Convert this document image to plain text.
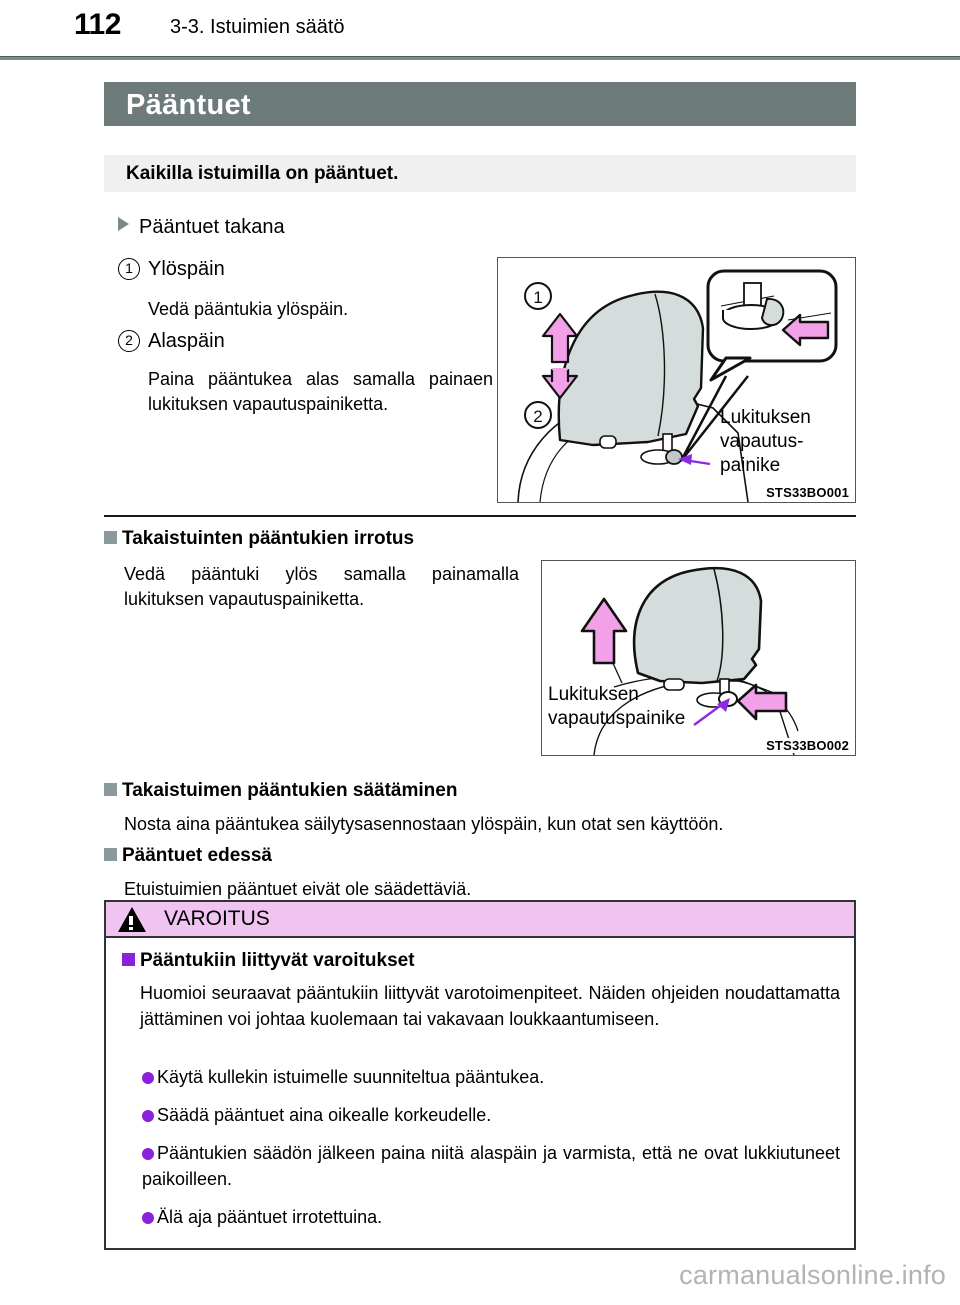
112 3-3. Istuimien säätö
Pääntuet
Kaikilla istuimilla on pääntuet.
Pääntuet takana
1 Ylöspäin
Vedä pääntukia ylöspäin.
2 Alaspäin
Paina pääntukea alas samalla painaen lukituksen vapautuspainiketta.
1
2	Lukituksen
vapautus-
painike
STS33BO001
Takaistuinten pääntukien irrotus
Vedä pääntuki ylös samalla painamalla lukituksen vapautuspainiketta.
Lukituksen
vapautuspainike
STS33BO002
Takaistuimen pääntukien säätäminen
Nosta aina pääntukea säilytysasennostaan ylöspäin, kun otat sen käyttöön.
Pääntuet edessä
Etuistuimien pääntuet eivät ole säädettäviä.
VAROITUS
Pääntukiin liittyvät varoitukset
Huomioi seuraavat pääntukiin liittyvät varotoimenpiteet. Näiden ohjeiden noudattamatta jättäminen voi johtaa kuolemaan tai vakavaan loukkaantumiseen.
Käytä kullekin istuimelle suunniteltua pääntukea.
Säädä pääntuet aina oikealle korkeudelle.
Pääntukien säädön jälkeen paina niitä alaspäin ja varmista, että ne ovat lukkiutuneet paikoilleen.
Älä aja pääntuet irrotettuina.
carmanualsonline.info
